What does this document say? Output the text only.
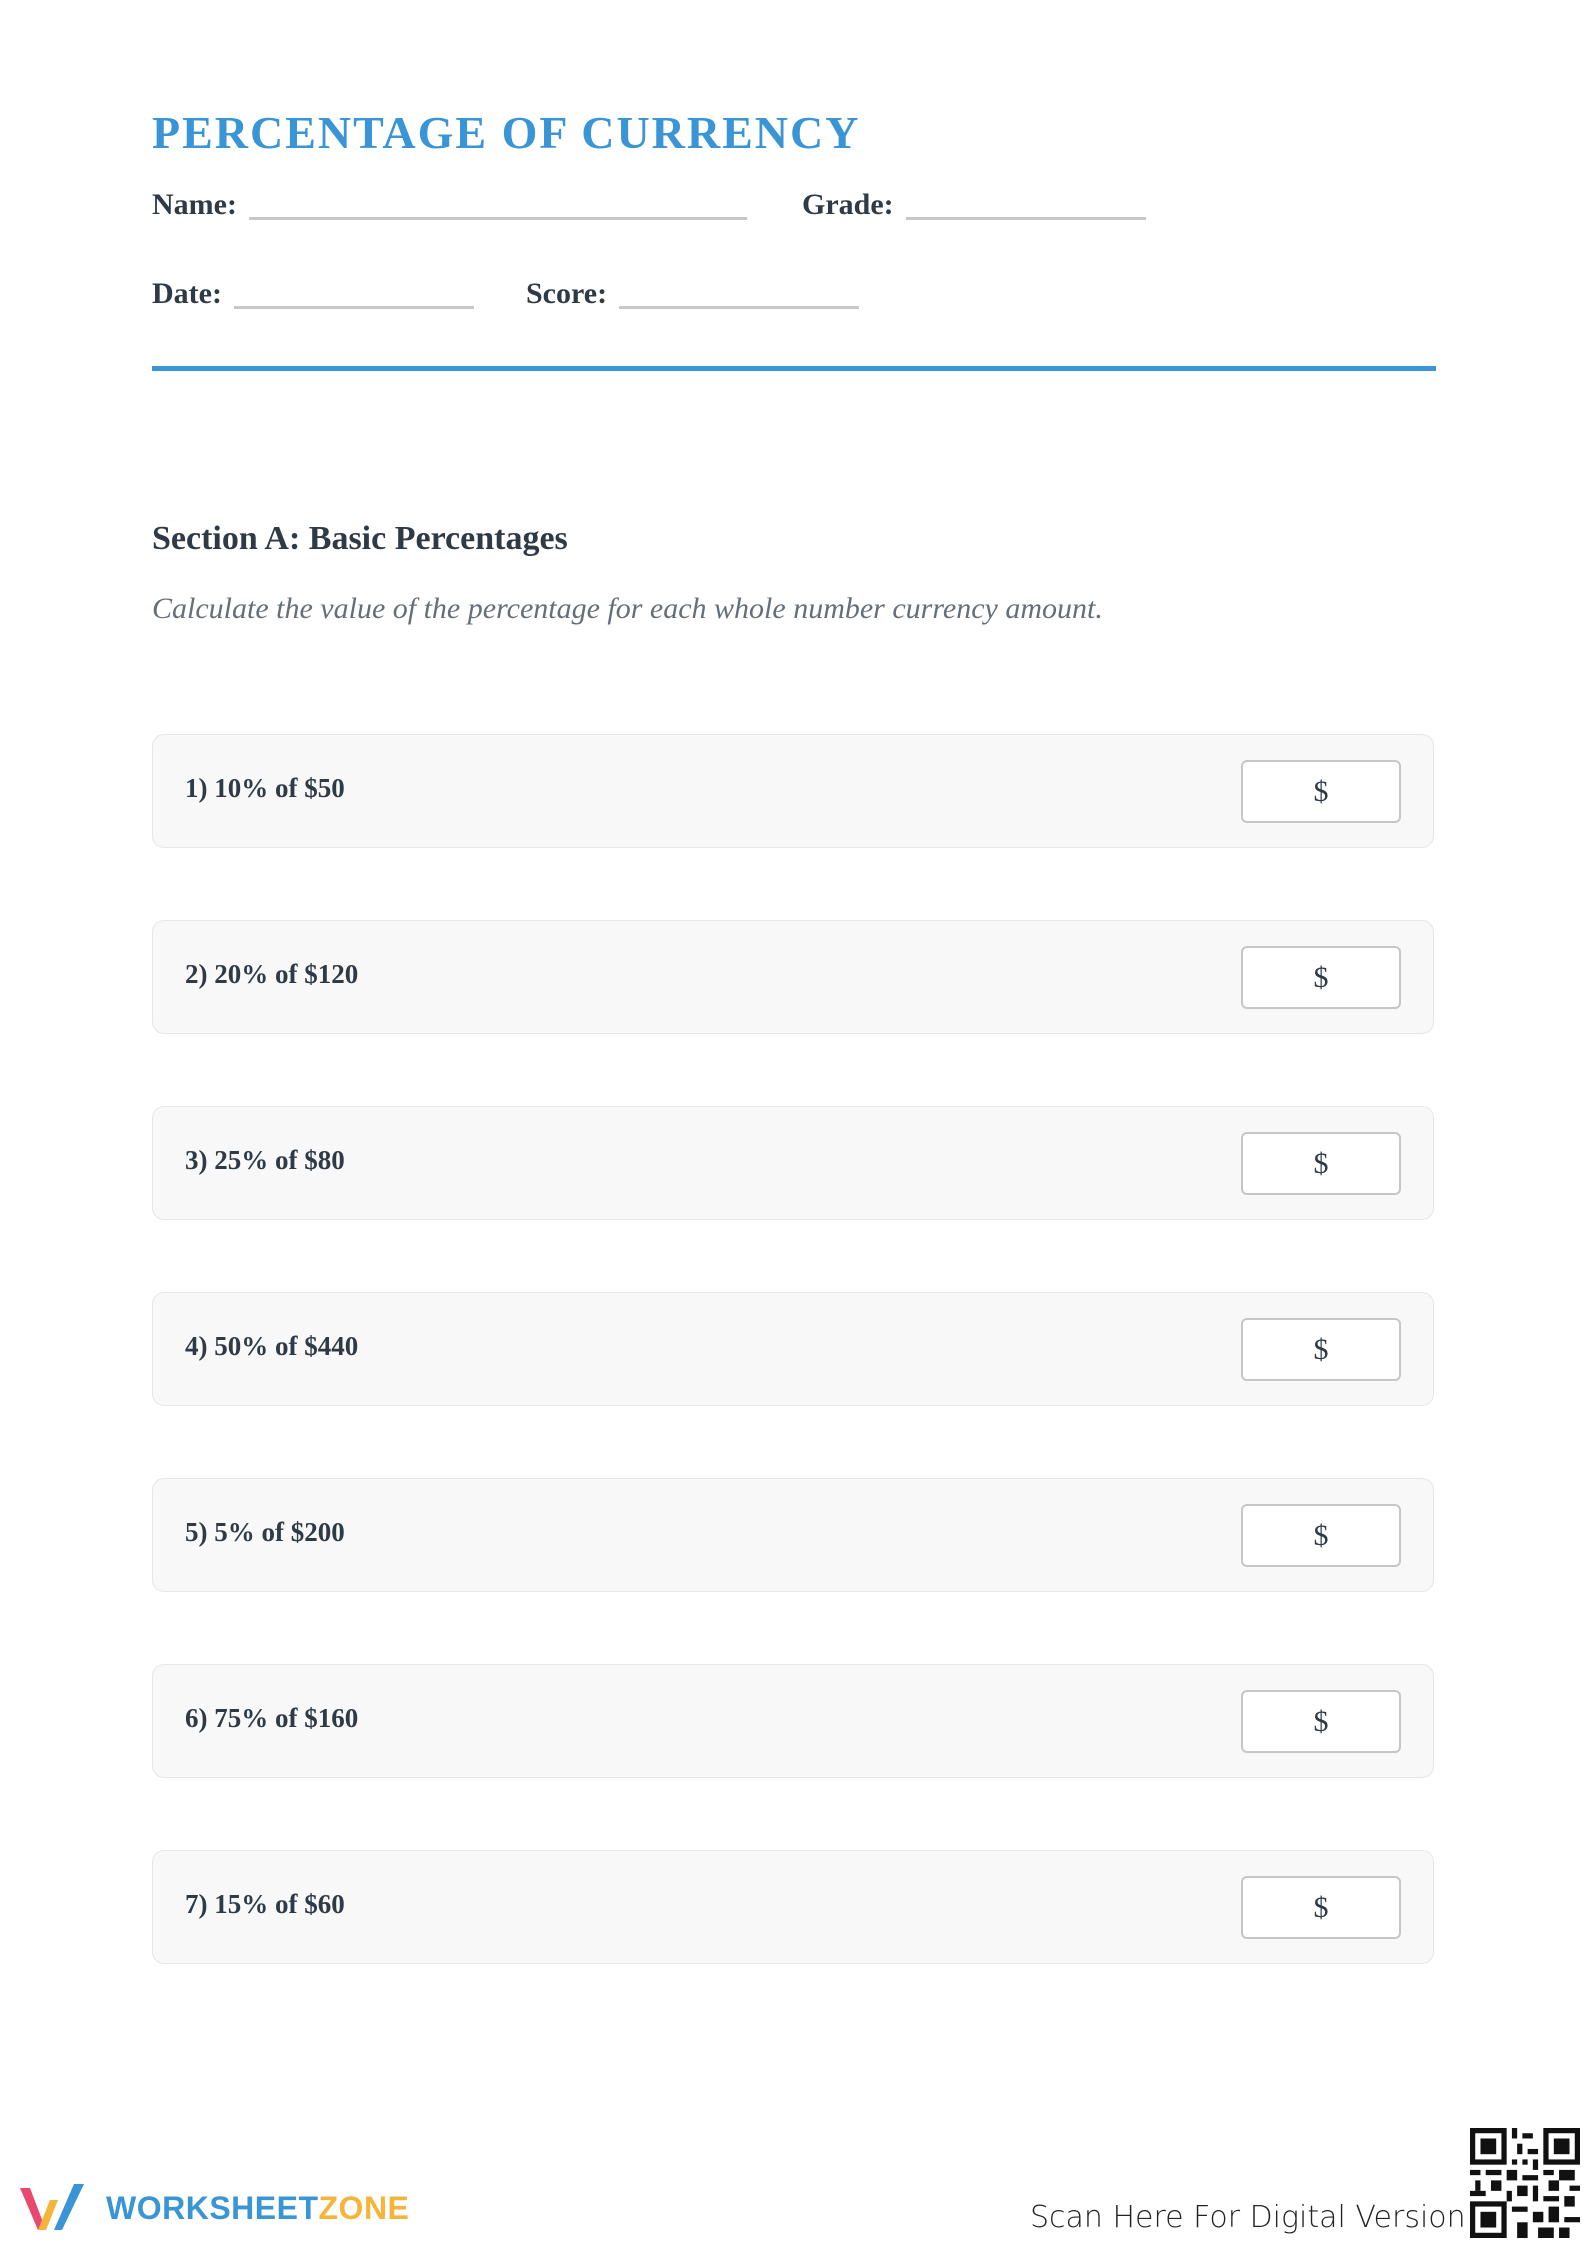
PERCENTAGE OF CURRENCY
Name:	Grade:
Date:	Score:
Section A: Basic Percentages

Calculate the value of the percentage for each whole number currency amount.

1) 10% of $50	$
2) 20% of $120	$
3) 25% of $80	$
4) 50% of $440	$
5) 5% of $200	$
6) 75% of $160	$
7) 15% of $60	$
WORKSHEETZONE	Scan Here For Digital Version
